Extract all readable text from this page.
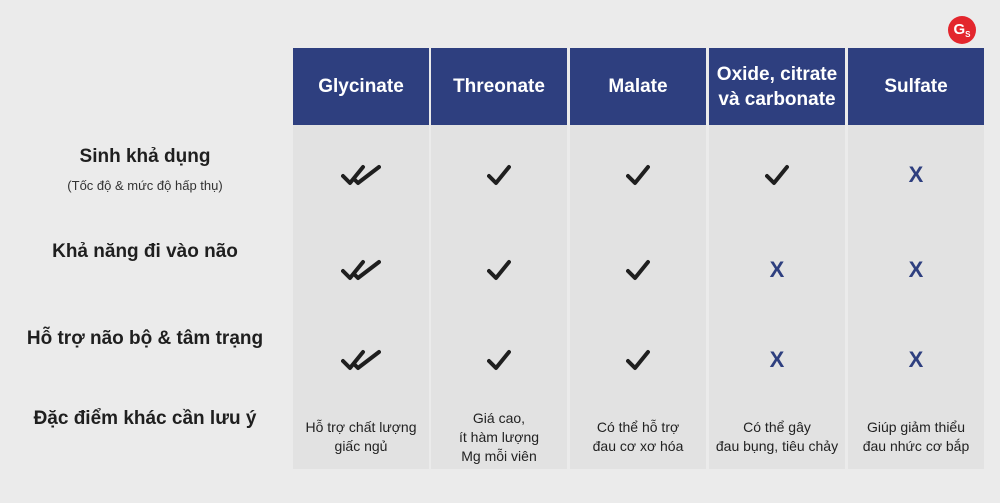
$G_S$
Sinh khả dụng
(Tốc độ & mức độ hấp thụ)
Khả năng đi vào não
Hỗ trợ não bộ & tâm trạng
Đặc điểm khác cần lưu ý
Glycinate
Hỗ trợ chất lượng
giấc ngủ
Threonate
Giá cao,
ít hàm lượng
Mg mỗi viên
Malate
Có thể hỗ trợ
đau cơ xơ hóa
Oxide, citrate
và carbonate
X
X
Có thể gây
đau bụng, tiêu chảy
Sulfate
X
X
X
Giúp giảm thiểu
đau nhức cơ bắp
